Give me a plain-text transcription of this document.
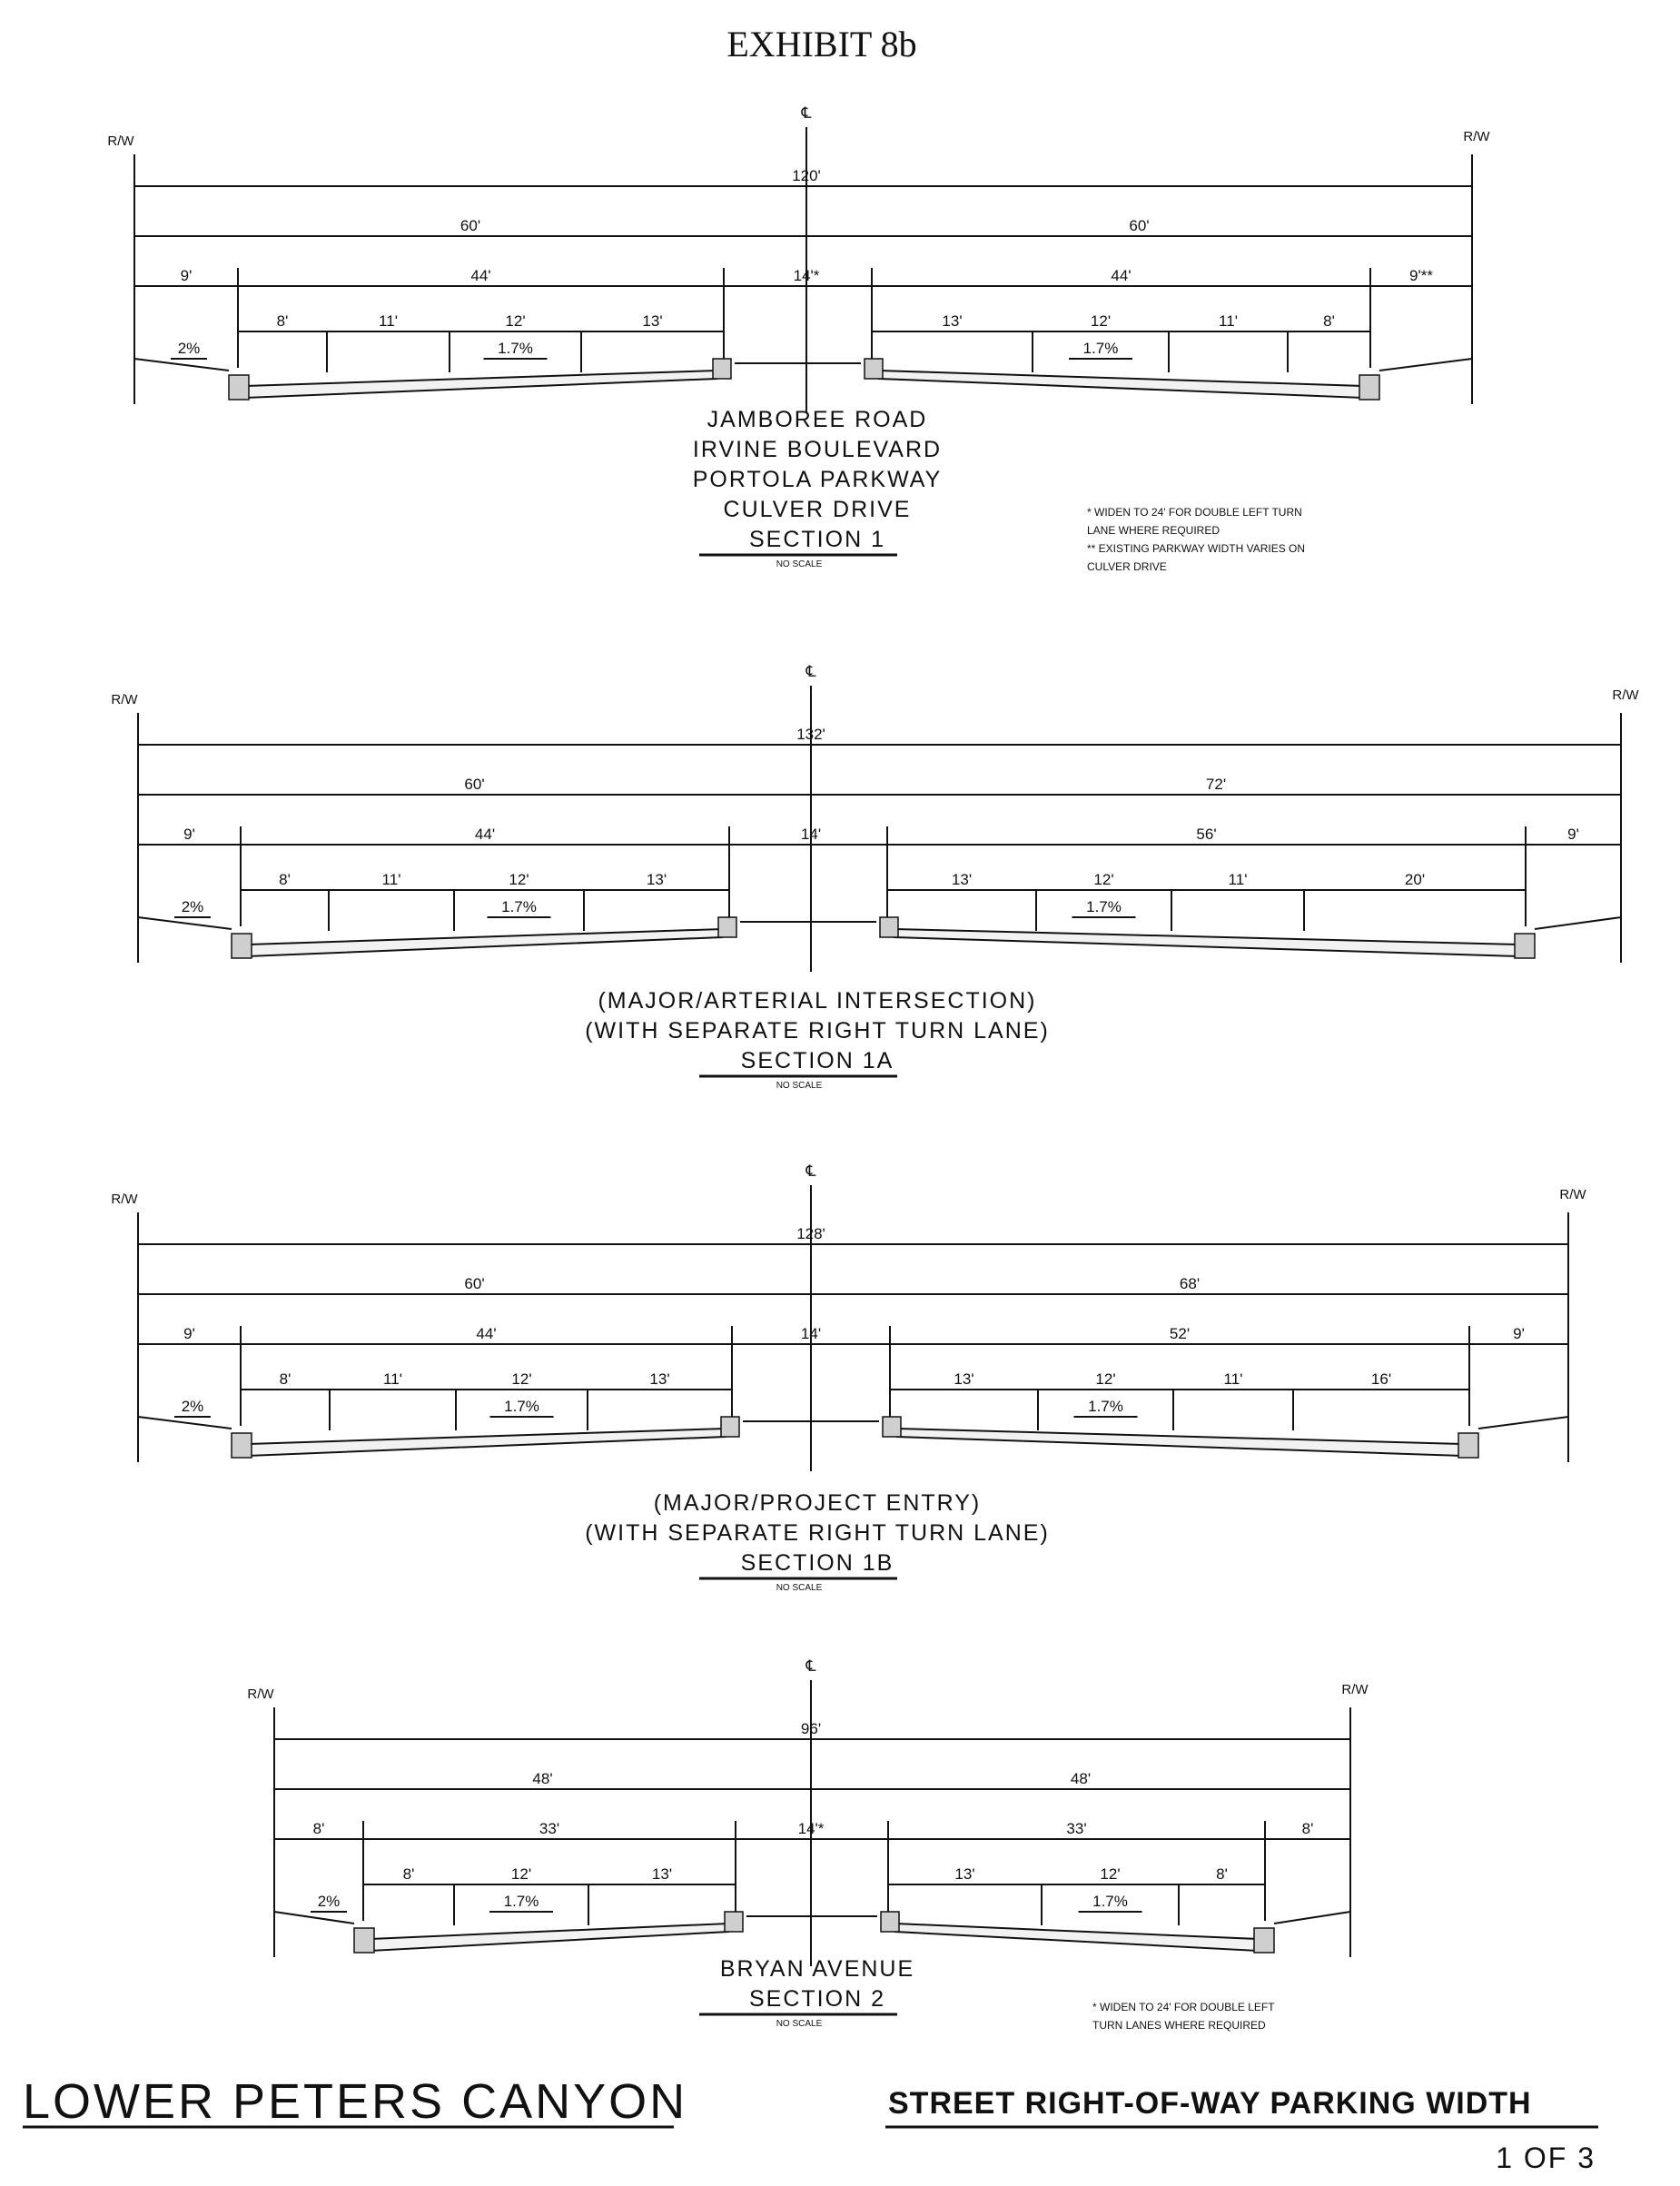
EXHIBIT 8b
R/W	R/W
℄
120'
60'	60'
9'	9'**
44'	44'
14'*
8'	11'	12'	13'	13'	12'	11'	8'
2%	1.7%	1.7%
JAMBOREE ROAD
IRVINE BOULEVARD
PORTOLA PARKWAY
CULVER DRIVE
SECTION 1
NO SCALE
* WIDEN TO 24' FOR DOUBLE LEFT TURN
LANE WHERE REQUIRED
** EXISTING PARKWAY WIDTH VARIES ON
CULVER DRIVE
R/W	R/W
℄
132'
60'	72'
9'	9'
44'	56'
14'
8'	11'	12'	13'	13'	12'	11'	20'
2%	1.7%	1.7%
(MAJOR/ARTERIAL INTERSECTION)
(WITH SEPARATE RIGHT TURN LANE)
SECTION 1A
NO SCALE
R/W	R/W
℄
128'
60'	68'
9'	9'
44'	52'
14'
8'	11'	12'	13'	13'	12'	11'	16'
2%	1.7%	1.7%
(MAJOR/PROJECT ENTRY)
(WITH SEPARATE RIGHT TURN LANE)
SECTION 1B
NO SCALE
R/W	R/W
℄
96'
48'	48'
8'	8'
33'	33'
14'*
8'	12'	13'	13'	12'	8'
2%	1.7%	1.7%
BRYAN AVENUE
SECTION 2
NO SCALE
* WIDEN TO 24' FOR DOUBLE LEFT
TURN LANES WHERE REQUIRED
LOWER PETERS CANYON	STREET RIGHT-OF-WAY PARKING WIDTH
1 OF 3
